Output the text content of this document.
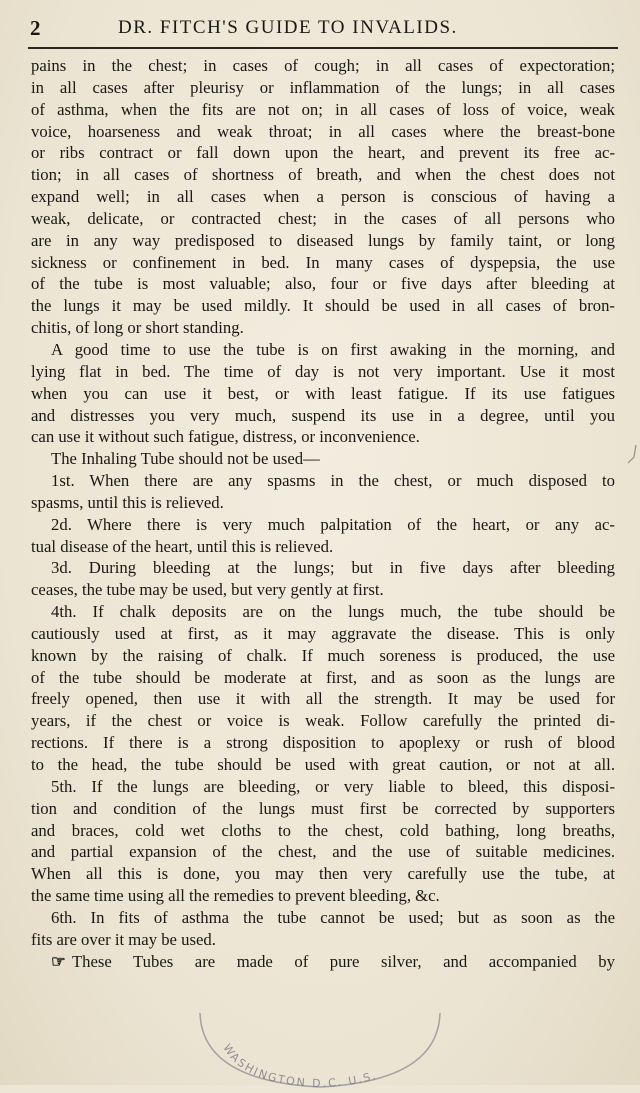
2	DR. FITCH'S GUIDE TO INVALIDS.
pains in the chest; in cases of cough; in all cases of expectoration;
in all cases after pleurisy or inflammation of the lungs; in all cases
of asthma, when the fits are not on; in all cases of loss of voice, weak
voice, hoarseness and weak throat; in all cases where the breast-bone
or ribs contract or fall down upon the heart, and prevent its free ac-
tion; in all cases of shortness of breath, and when the chest does not
expand well; in all cases when a person is conscious of having a
weak, delicate, or contracted chest; in the cases of all persons who
are in any way predisposed to diseased lungs by family taint, or long
sickness or confinement in bed. In many cases of dyspepsia, the use
of the tube is most valuable; also, four or five days after bleeding at
the lungs it may be used mildly. It should be used in all cases of bron-
chitis, of long or short standing.
A good time to use the tube is on first awaking in the morning, and
lying flat in bed. The time of day is not very important. Use it most
when you can use it best, or with least fatigue. If its use fatigues
and distresses you very much, suspend its use in a degree, until you
can use it without such fatigue, distress, or inconvenience.
The Inhaling Tube should not be used—
1st. When there are any spasms in the chest, or much disposed to
spasms, until this is relieved.
2d. Where there is very much palpitation of the heart, or any ac-
tual disease of the heart, until this is relieved.
3d. During bleeding at the lungs; but in five days after bleeding
ceases, the tube may be used, but very gently at first.
4th. If chalk deposits are on the lungs much, the tube should be
cautiously used at first, as it may aggravate the disease. This is only
known by the raising of chalk. If much soreness is produced, the use
of the tube should be moderate at first, and as soon as the lungs are
freely opened, then use it with all the strength. It may be used for
years, if the chest or voice is weak. Follow carefully the printed di-
rections. If there is a strong disposition to apoplexy or rush of blood
to the head, the tube should be used with great caution, or not at all.
5th. If the lungs are bleeding, or very liable to bleed, this disposi-
tion and condition of the lungs must first be corrected by supporters
and braces, cold wet cloths to the chest, cold bathing, long breaths,
and partial expansion of the chest, and the use of suitable medicines.
When all this is done, you may then very carefully use the tube, at
the same time using all the remedies to prevent bleeding, &c.
6th. In fits of asthma the tube cannot be used; but as soon as the
fits are over it may be used.
☞ These Tubes are made of pure silver, and accompanied by
WASHINGTON D.C. U.S.
